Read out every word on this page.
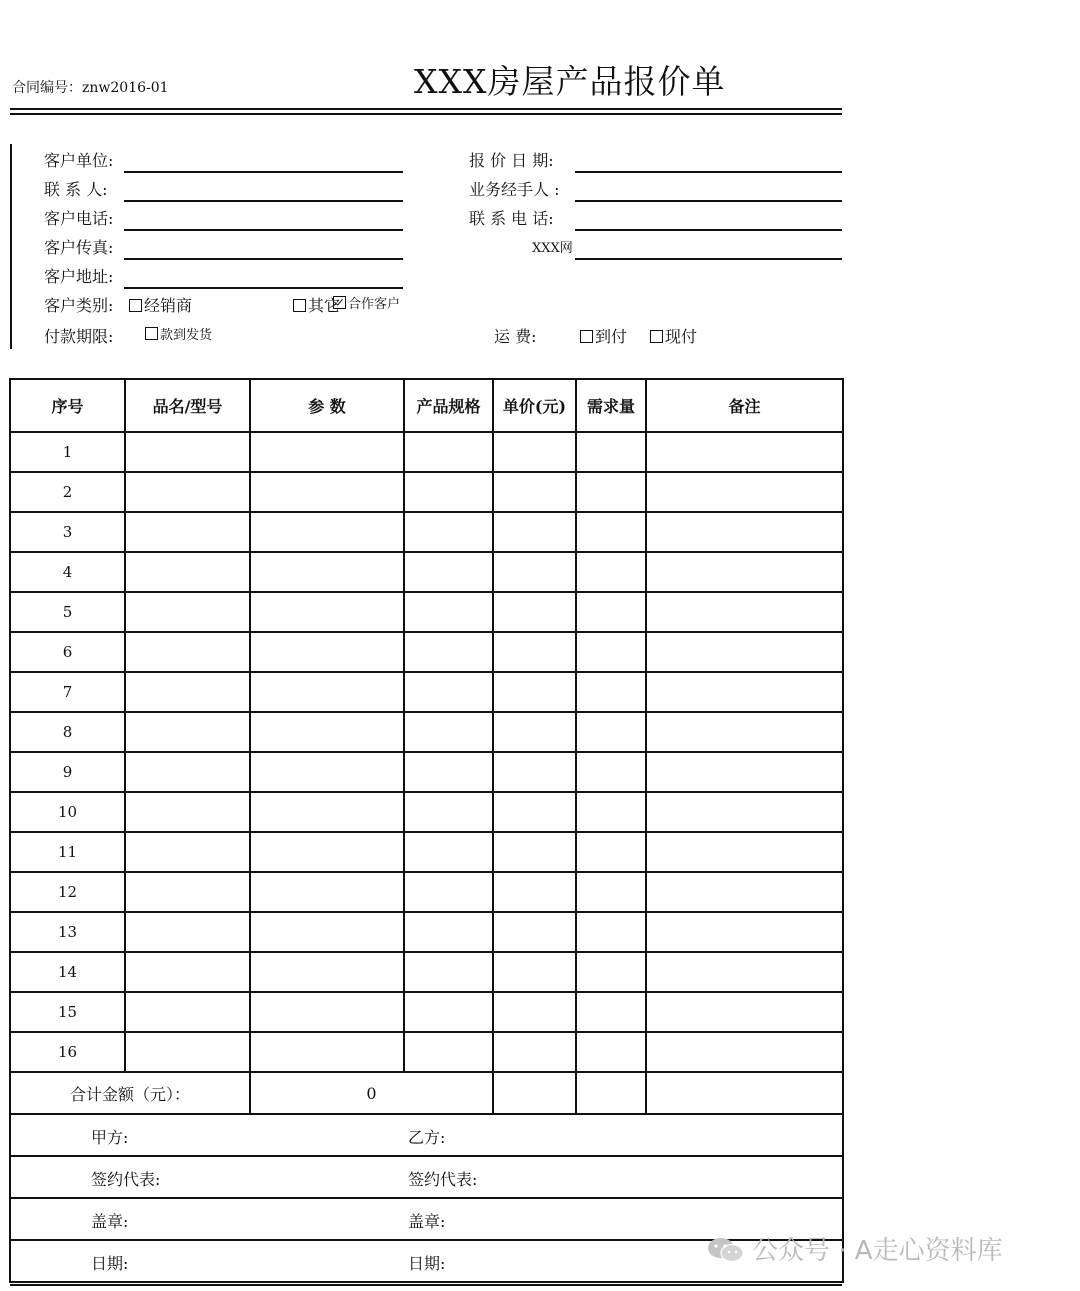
合同编号：znw2016-01	XXX房屋产品报价单
客户单位:
联 系 人:
客户电话:
客户传真:
客户地址:
客户类别:	经销商	其它 合作客户
付款期限:	款到发货
报 价 日 期:
业务经手人 :
联 系 电 话:
XXX网
运 费:	到付	现付
序号	品名/型号	参 数	产品规格	单价(元)	需求量	备注
1						
2						
3						
4						
5						
6						
7						
8						
9						
10						
11						
12						
13						
14						
15						
16						
合计金额（元）：		0				

甲方: 乙方:						

签约代表: 签约代表:						

盖章: 盖章:						

日期: 日期:							公众号 · A走心资料库
